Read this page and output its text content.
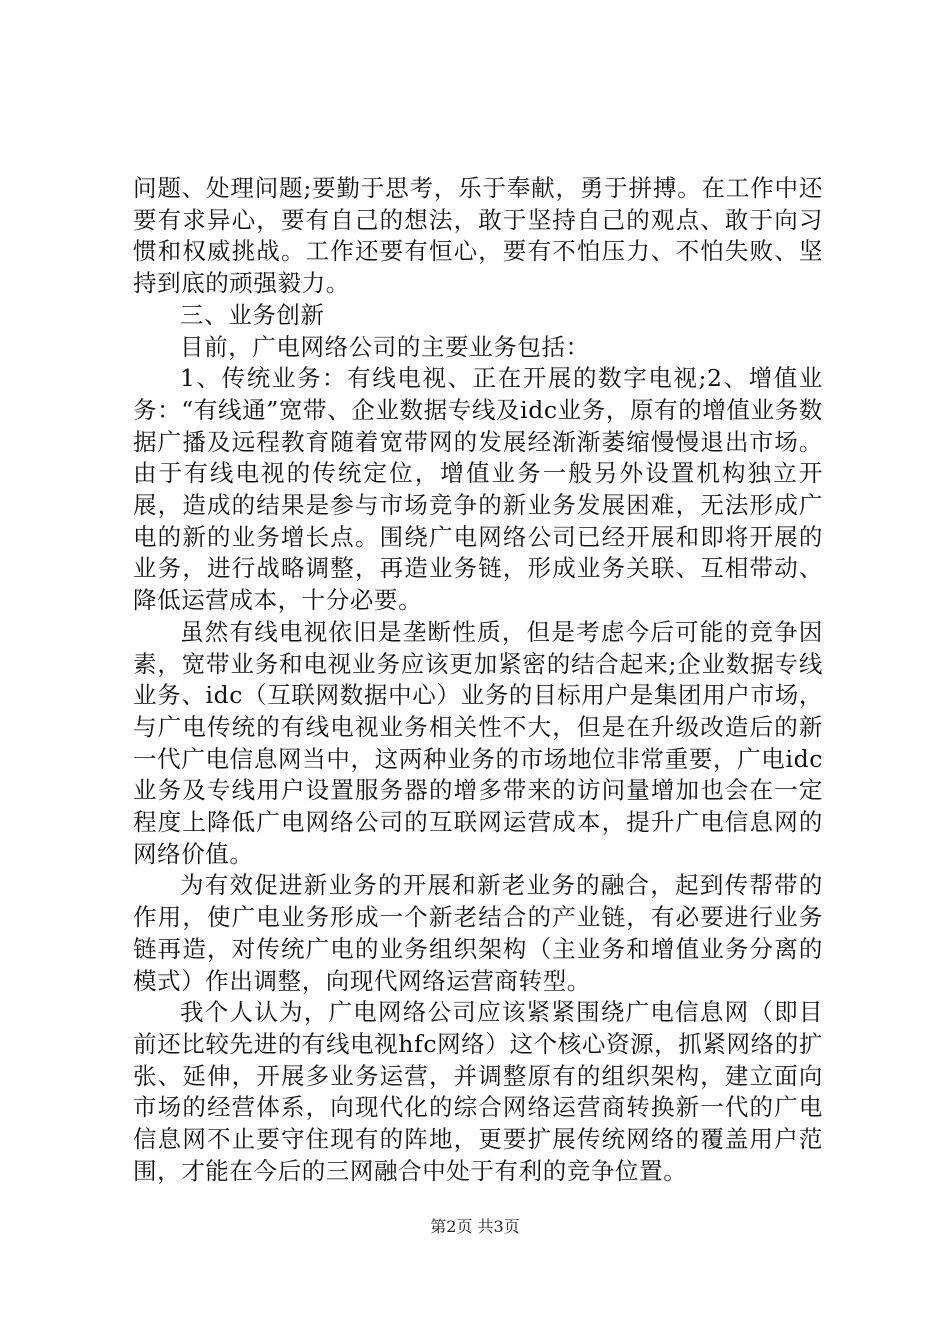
问题、处理问题;要勤于思考，乐于奉献，勇于拼搏。在工作中还要有求异心，要有自己的想法，敢于坚持自己的观点、敢于向习惯和权威挑战。工作还要有恒心，要有不怕压力、不怕失败、坚持到底的顽强毅力。

三、业务创新

目前，广电网络公司的主要业务包括：

1、传统业务：有线电视、正在开展的数字电视;2、增值业务：“有线通”宽带、企业数据专线及idc业务，原有的增值业务数据广播及远程教育随着宽带网的发展经渐渐萎缩慢慢退出市场。由于有线电视的传统定位，增值业务一般另外设置机构独立开展，造成的结果是参与市场竞争的新业务发展困难，无法形成广电的新的业务增长点。围绕广电网络公司已经开展和即将开展的业务，进行战略调整，再造业务链，形成业务关联、互相带动、降低运营成本，十分必要。

虽然有线电视依旧是垄断性质，但是考虑今后可能的竞争因素，宽带业务和电视业务应该更加紧密的结合起来;企业数据专线业务、idc（互联网数据中心）业务的目标用户是集团用户市场，与广电传统的有线电视业务相关性不大，但是在升级改造后的新一代广电信息网当中，这两种业务的市场地位非常重要，广电idc业务及专线用户设置服务器的增多带来的访问量增加也会在一定程度上降低广电网络公司的互联网运营成本，提升广电信息网的网络价值。

为有效促进新业务的开展和新老业务的融合，起到传帮带的作用，使广电业务形成一个新老结合的产业链，有必要进行业务链再造，对传统广电的业务组织架构（主业务和增值业务分离的模式）作出调整，向现代网络运营商转型。

我个人认为，广电网络公司应该紧紧围绕广电信息网（即目前还比较先进的有线电视hfc网络）这个核心资源，抓紧网络的扩张、延伸，开展多业务运营，并调整原有的组织架构，建立面向市场的经营体系，向现代化的综合网络运营商转换新一代的广电信息网不止要守住现有的阵地，更要扩展传统网络的覆盖用户范围，才能在今后的三网融合中处于有利的竞争位置。

第2页 共3页
